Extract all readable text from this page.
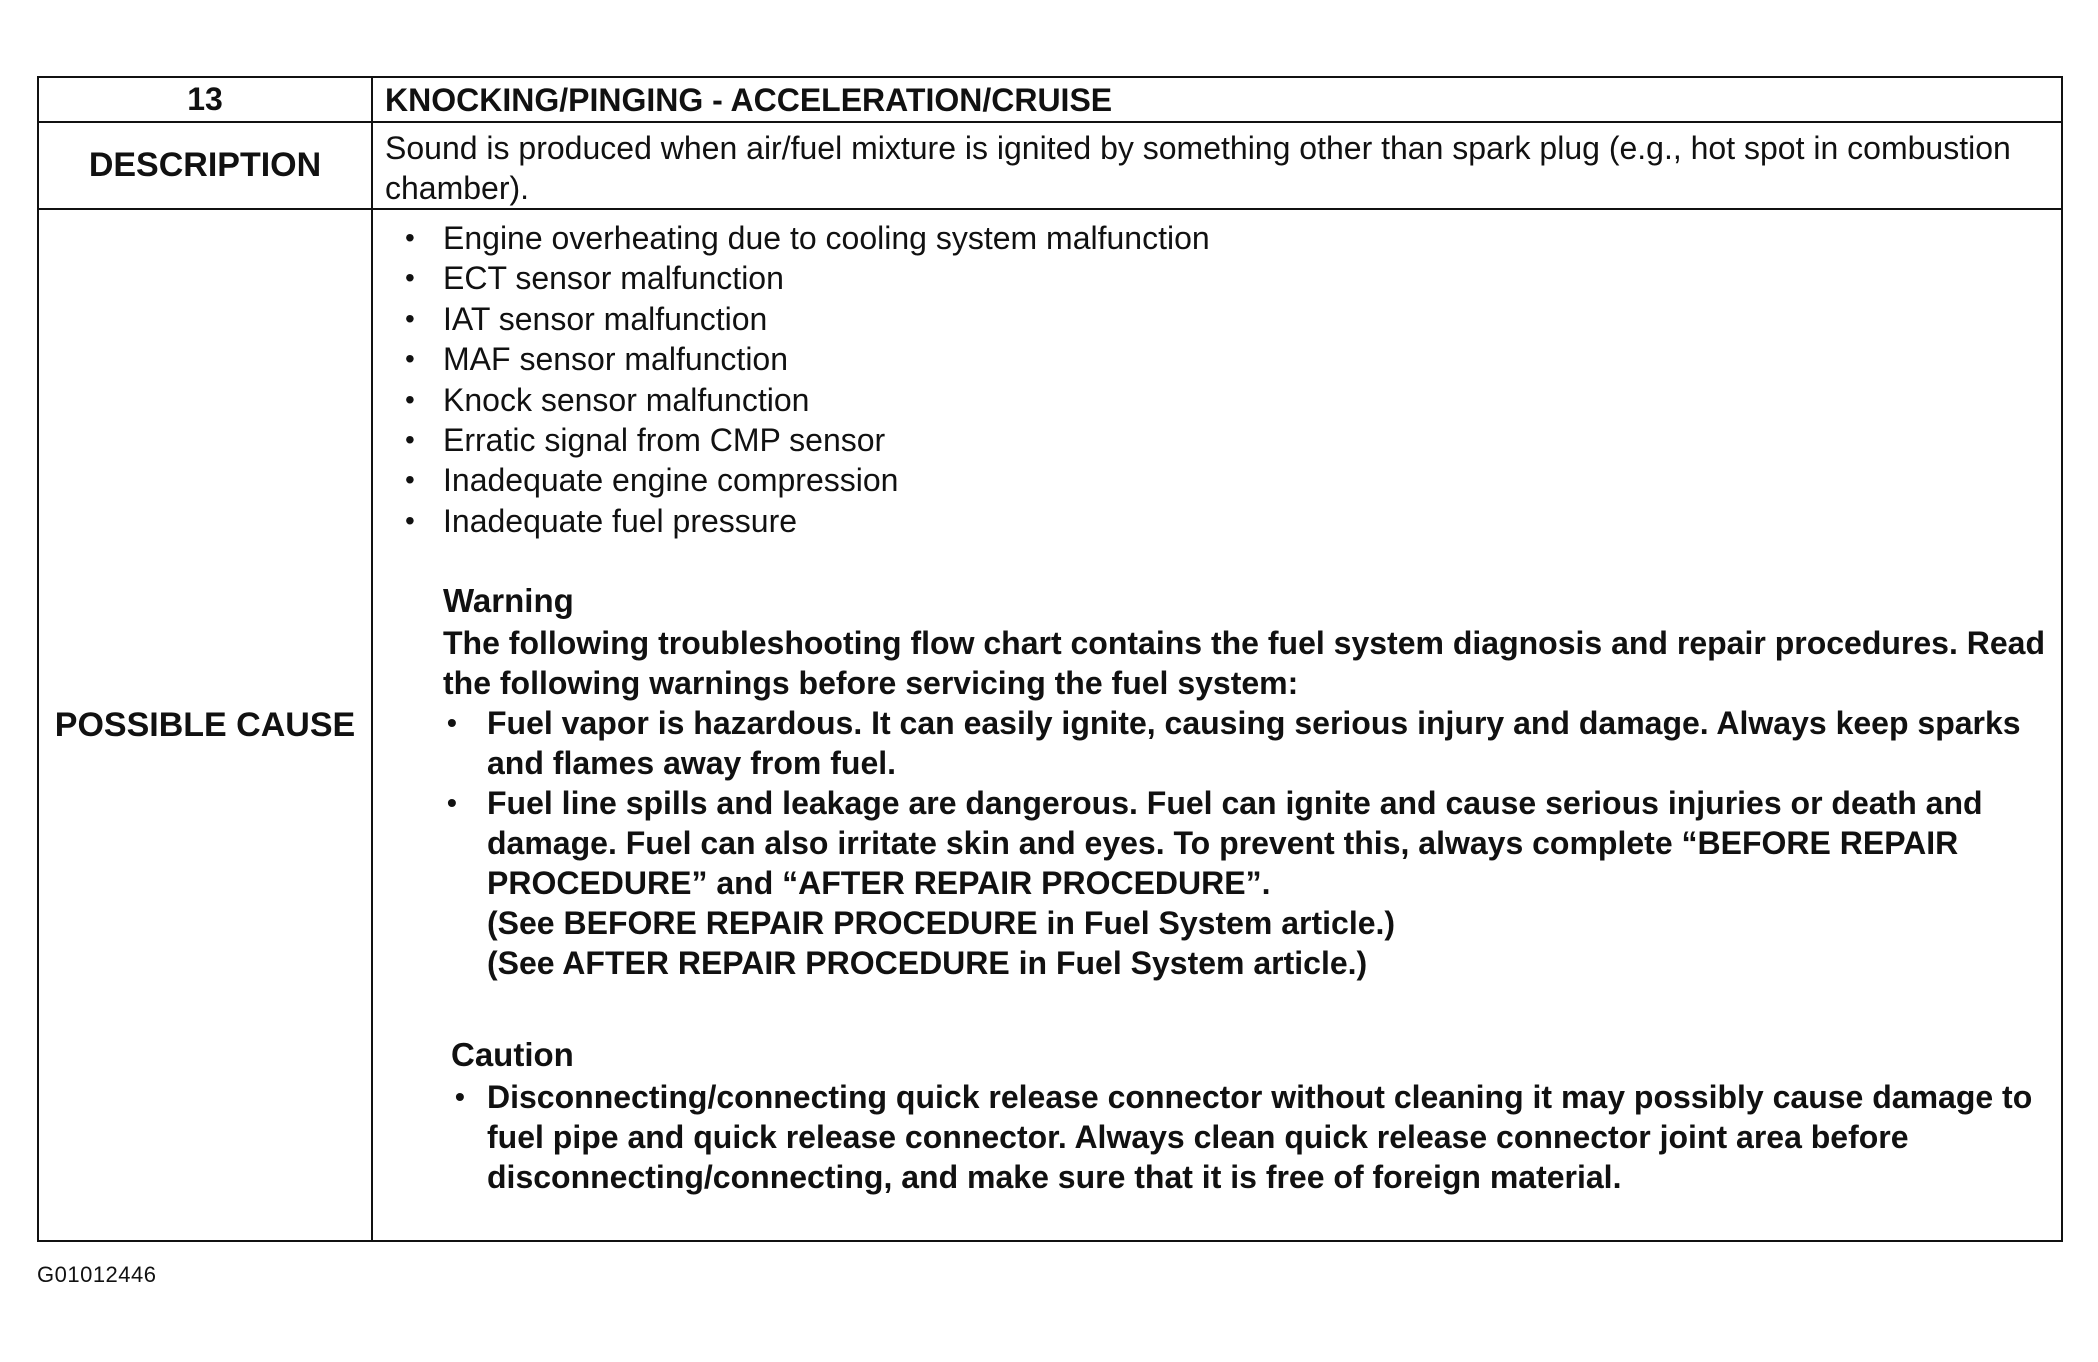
13	KNOCKING/PINGING - ACCELERATION/CRUISE
DESCRIPTION	Sound is produced when air/fuel mixture is ignited by something other than spark plug (e.g., hot spot in combustion chamber).
POSSIBLE CAUSE
• Engine overheating due to cooling system malfunction
• ECT sensor malfunction
• IAT sensor malfunction
• MAF sensor malfunction
• Knock sensor malfunction
• Erratic signal from CMP sensor
• Inadequate engine compression
• Inadequate fuel pressure
Warning
The following troubleshooting flow chart contains the fuel system diagnosis and repair procedures. Read the following warnings before servicing the fuel system:
• Fuel vapor is hazardous. It can easily ignite, causing serious injury and damage. Always keep sparks and flames away from fuel.
• Fuel line spills and leakage are dangerous. Fuel can ignite and cause serious injuries or death and damage. Fuel can also irritate skin and eyes. To prevent this, always complete “BEFORE REPAIR PROCEDURE” and “AFTER REPAIR PROCEDURE”.
(See BEFORE REPAIR PROCEDURE in Fuel System article.)
(See AFTER REPAIR PROCEDURE in Fuel System article.)
Caution
• Disconnecting/connecting quick release connector without cleaning it may possibly cause damage to fuel pipe and quick release connector. Always clean quick release connector joint area before disconnecting/connecting, and make sure that it is free of foreign material.
G01012446
